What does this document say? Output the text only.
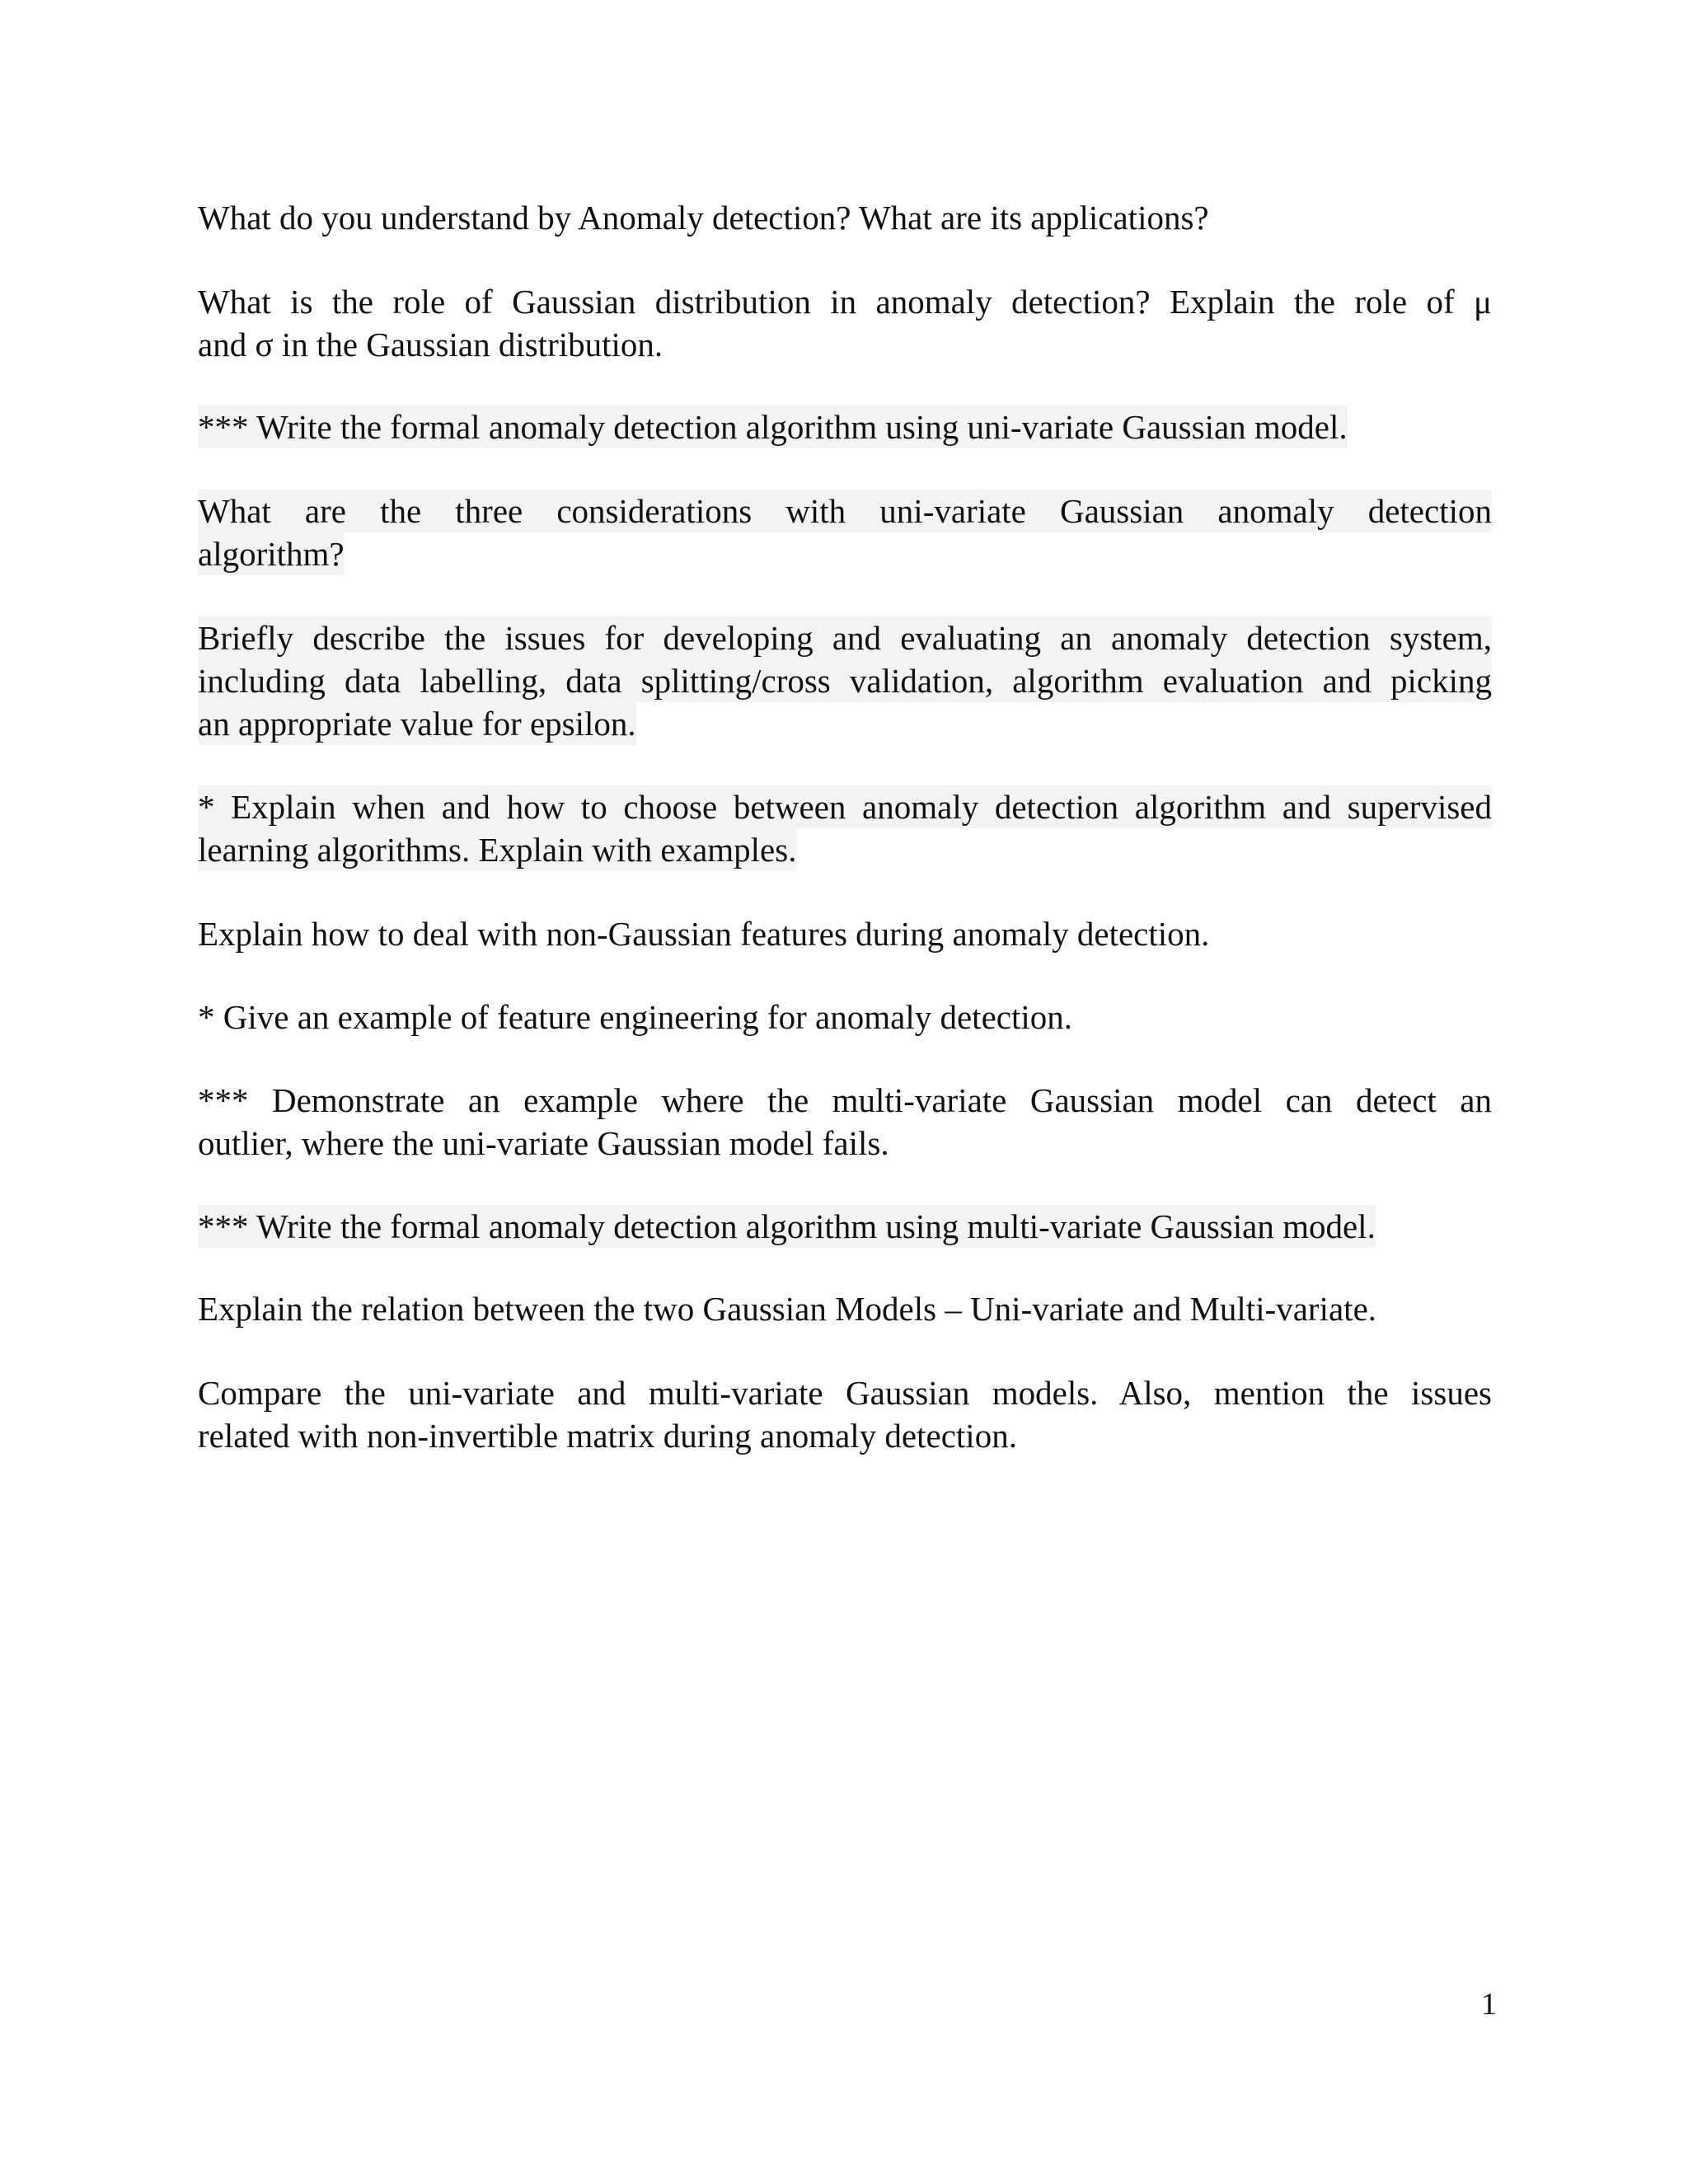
What do you understand by Anomaly detection? What are its applications?

What is the role of Gaussian distribution in anomaly detection? Explain the role of μ
and σ in the Gaussian distribution.

*** Write the formal anomaly detection algorithm using uni-variate Gaussian model.

What are the three considerations with uni-variate Gaussian anomaly detection
algorithm?

Briefly describe the issues for developing and evaluating an anomaly detection system,
including data labelling, data splitting/cross validation, algorithm evaluation and picking
an appropriate value for epsilon.

* Explain when and how to choose between anomaly detection algorithm and supervised
learning algorithms. Explain with examples.

Explain how to deal with non-Gaussian features during anomaly detection.

* Give an example of feature engineering for anomaly detection.

*** Demonstrate an example where the multi-variate Gaussian model can detect an
outlier, where the uni-variate Gaussian model fails.

*** Write the formal anomaly detection algorithm using multi-variate Gaussian model.

Explain the relation between the two Gaussian Models – Uni-variate and Multi-variate.

Compare the uni-variate and multi-variate Gaussian models. Also, mention the issues
related with non-invertible matrix during anomaly detection.

1
